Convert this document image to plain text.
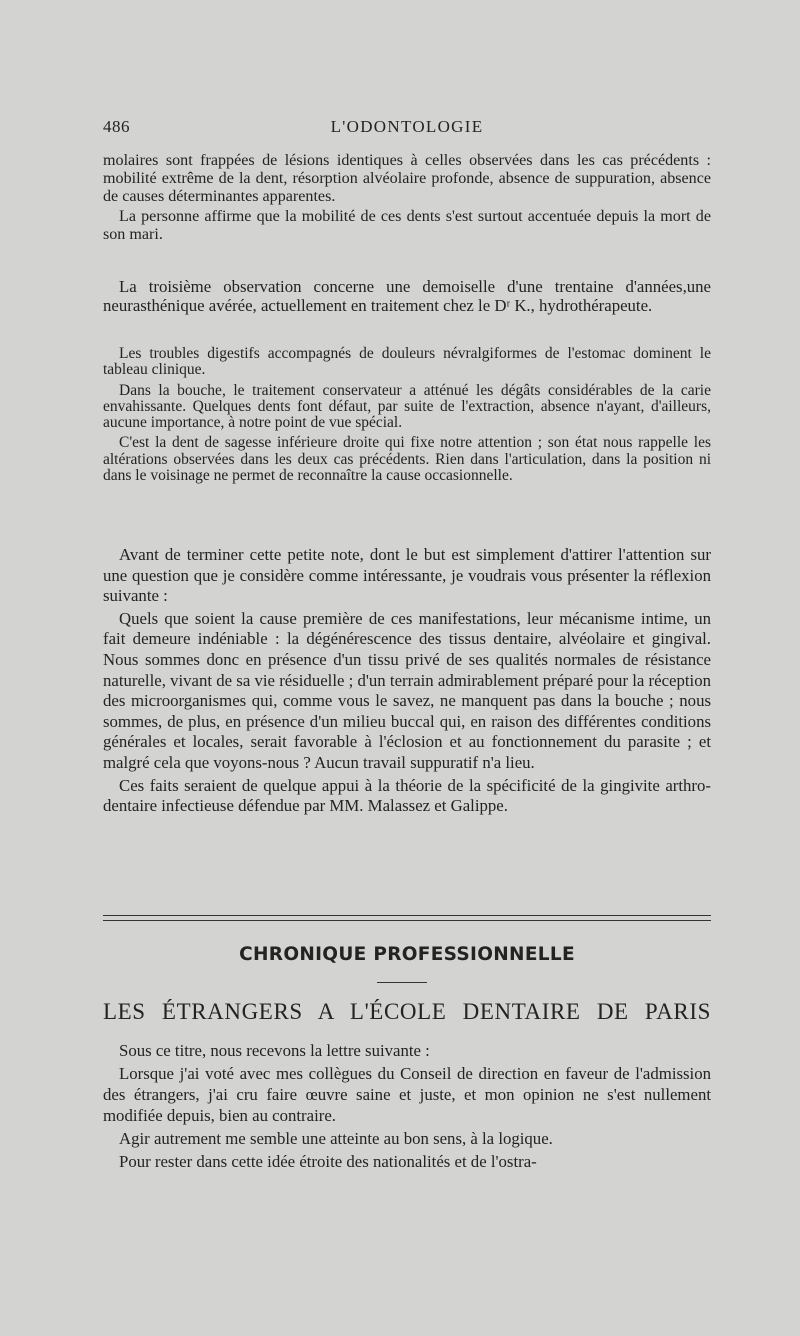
486	L'ODONTOLOGIE

molaires sont frappées de lésions identiques à celles observées dans les cas précédents : mobilité extrême de la dent, résorption alvéolaire profonde, absence de suppuration, absence de causes déterminantes apparentes.

La personne affirme que la mobilité de ces dents s'est surtout accentuée depuis la mort de son mari.

La troisième observation concerne une demoiselle d'une trentaine d'années,une neurasthénique avérée, actuellement en traitement chez le Dʳ K., hydrothérapeute.

Les troubles digestifs accompagnés de douleurs névralgiformes de l'estomac dominent le tableau clinique.

Dans la bouche, le traitement conservateur a atténué les dégâts considérables de la carie envahissante. Quelques dents font défaut, par suite de l'extraction, absence n'ayant, d'ailleurs, aucune importance, à notre point de vue spécial.

C'est la dent de sagesse inférieure droite qui fixe notre attention ; son état nous rappelle les altérations observées dans les deux cas précédents. Rien dans l'articulation, dans la position ni dans le voisinage ne permet de reconnaître la cause occasionnelle.

Avant de terminer cette petite note, dont le but est simplement d'attirer l'attention sur une question que je considère comme intéressante, je voudrais vous présenter la réflexion suivante :

Quels que soient la cause première de ces manifestations, leur mécanisme intime, un fait demeure indéniable : la dégénérescence des tissus dentaire, alvéolaire et gingival. Nous sommes donc en présence d'un tissu privé de ses qualités normales de résistance naturelle, vivant de sa vie résiduelle ; d'un terrain admirablement préparé pour la réception des microorganismes qui, comme vous le savez, ne manquent pas dans la bouche ; nous sommes, de plus, en présence d'un milieu buccal qui, en raison des différentes conditions générales et locales, serait favorable à l'éclosion et au fonctionnement du parasite ; et malgré cela que voyons-nous ? Aucun travail suppuratif n'a lieu.

Ces faits seraient de quelque appui à la théorie de la spécificité de la gingivite arthro-dentaire infectieuse défendue par MM. Malassez et Galippe.

CHRONIQUE PROFESSIONNELLE
LES ÉTRANGERS A L'ÉCOLE DENTAIRE DE PARIS

Sous ce titre, nous recevons la lettre suivante :

Lorsque j'ai voté avec mes collègues du Conseil de direction en faveur de l'admission des étrangers, j'ai cru faire œuvre saine et juste, et mon opinion ne s'est nullement modifiée depuis, bien au contraire.

Agir autrement me semble une atteinte au bon sens, à la logique.

Pour rester dans cette idée étroite des nationalités et de l'ostra-
